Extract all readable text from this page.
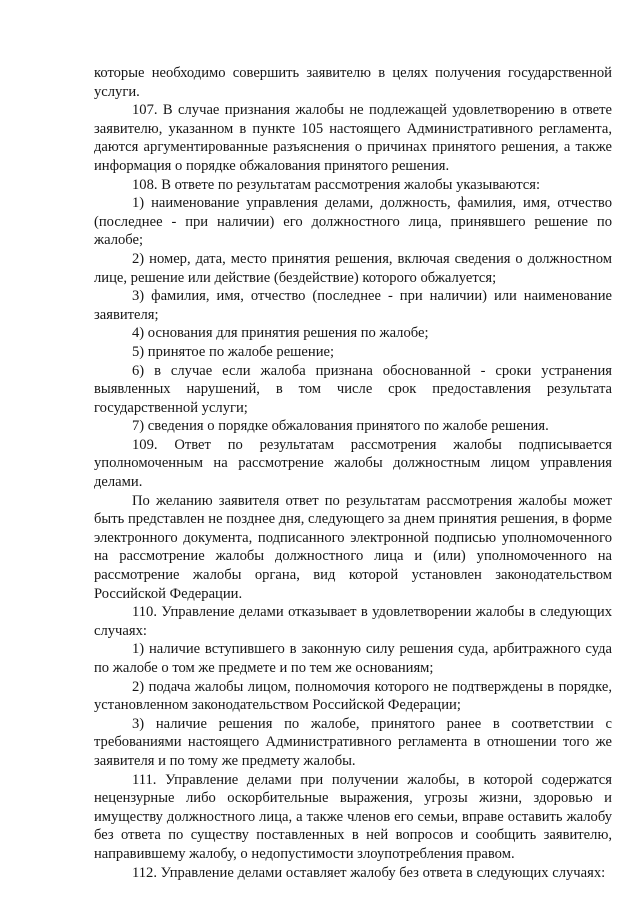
которые необходимо совершить заявителю в целях получения государственной услуги.

107. В случае признания жалобы не подлежащей удовлетворению в ответе заявителю, указанном в пункте 105 настоящего Административного регламента, даются аргументированные разъяснения о причинах принятого решения, а также информация о порядке обжалования принятого решения.

108. В ответе по результатам рассмотрения жалобы указываются:

1) наименование управления делами, должность, фамилия, имя, отчество (последнее - при наличии) его должностного лица, принявшего решение по жалобе;

2) номер, дата, место принятия решения, включая сведения о должностном лице, решение или действие (бездействие) которого обжалуется;

3) фамилия, имя, отчество (последнее - при наличии) или наименование заявителя;

4) основания для принятия решения по жалобе;

5) принятое по жалобе решение;

6) в случае если жалоба признана обоснованной - сроки устранения выявленных нарушений, в том числе срок предоставления результата государственной услуги;

7) сведения о порядке обжалования принятого по жалобе решения.

109. Ответ по результатам рассмотрения жалобы подписывается уполномоченным на рассмотрение жалобы должностным лицом управления делами.

По желанию заявителя ответ по результатам рассмотрения жалобы может быть представлен не позднее дня, следующего за днем принятия решения, в форме электронного документа, подписанного электронной подписью уполномоченного на рассмотрение жалобы должностного лица и (или) уполномоченного на рассмотрение жалобы органа, вид которой установлен законодательством Российской Федерации.

110. Управление делами отказывает в удовлетворении жалобы в следующих случаях:

1) наличие вступившего в законную силу решения суда, арбитражного суда по жалобе о том же предмете и по тем же основаниям;

2) подача жалобы лицом, полномочия которого не подтверждены в порядке, установленном законодательством Российской Федерации;

3) наличие решения по жалобе, принятого ранее в соответствии с требованиями настоящего Административного регламента в отношении того же заявителя и по тому же предмету жалобы.

111. Управление делами при получении жалобы, в которой содержатся нецензурные либо оскорбительные выражения, угрозы жизни, здоровью и имуществу должностного лица, а также членов его семьи, вправе оставить жалобу без ответа по существу поставленных в ней вопросов и сообщить заявителю, направившему жалобу, о недопустимости злоупотребления правом.

112. Управление делами оставляет жалобу без ответа в следующих случаях:
